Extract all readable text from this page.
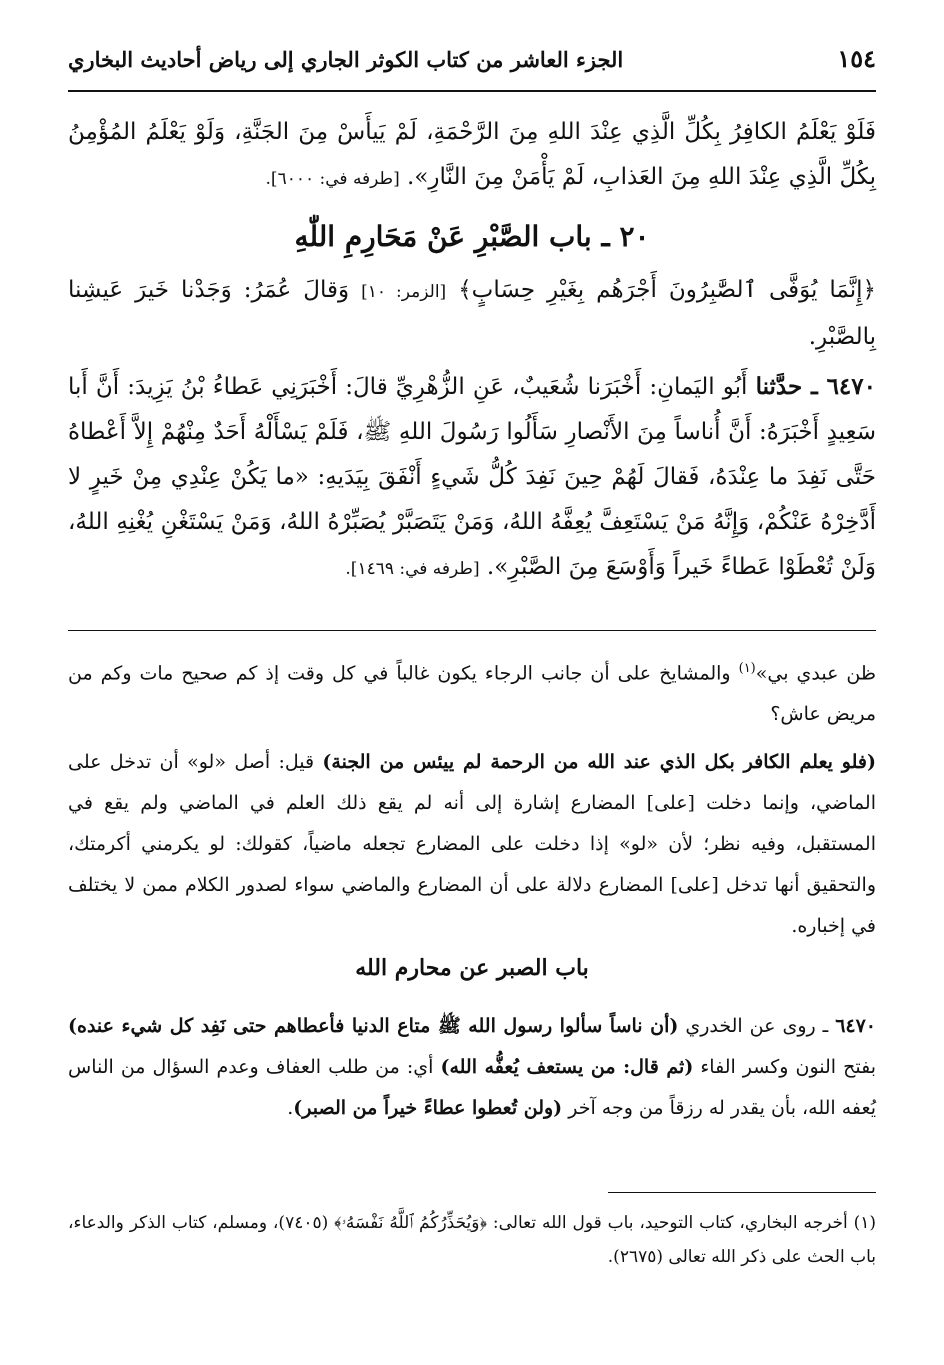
١٥٤
الجزء العاشر من كتاب الكوثر الجاري إلى رياض أحاديث البخاري
فَلَوْ يَعْلَمُ الكافِرُ بِكُلِّ الَّذِي عِنْدَ اللهِ مِنَ الرَّحْمَةِ، لَمْ يَيأَسْ مِنَ الجَنَّةِ، وَلَوْ يَعْلَمُ المُؤْمِنُ بِكُلِّ الَّذِي عِنْدَ اللهِ مِنَ العَذابِ، لَمْ يَأْمَنْ مِنَ النَّارِ». [طرفه في: ٦٠٠٠].
٢٠ ـ باب الصَّبْرِ عَنْ مَحَارِمِ اللّٰهِ
﴿إِنَّمَا يُوَفَّى ٱلصَّٰبِرُونَ أَجْرَهُم بِغَيْرِ حِسَابٍ﴾ [الزمر: ١٠] وَقالَ عُمَرُ: وَجَدْنا خَيرَ عَيشِنا بِالصَّبْرِ.
٦٤٧٠ ـ حدَّثنا أَبُو اليَمانِ: أَخْبَرَنا شُعَيبٌ، عَنِ الزُّهْرِيِّ قالَ: أَخْبَرَنِي عَطاءُ بْنُ يَزِيدَ: أَنَّ أَبا سَعِيدٍ أَخْبَرَهُ: أَنَّ أُناساً مِنَ الأَنْصارِ سَأَلُوا رَسُولَ اللهِ ﷺ، فَلَمْ يَسْأَلْهُ أَحَدٌ مِنْهُمْ إِلاَّ أَعْطاهُ حَتَّى نَفِدَ ما عِنْدَهُ، فَقالَ لَهُمْ حِينَ نَفِدَ كُلُّ شَيءٍ أَنْفَقَ بِيَدَيهِ: «ما يَكُنْ عِنْدِي مِنْ خَيرٍ لا أَدَّخِرْهُ عَنْكُمْ، وَإِنَّهُ مَنْ يَسْتَعِفَّ يُعِفَّهُ اللهُ، وَمَنْ يَتَصَبَّرْ يُصَبِّرْهُ اللهُ، وَمَنْ يَسْتَغْنِ يُغْنِهِ اللهُ، وَلَنْ تُعْطَوْا عَطاءً خَيراً وَأَوْسَعَ مِنَ الصَّبْرِ». [طرفه في: ١٤٦٩].
ظن عبدي بي»$^{(١)}$ والمشايخ على أن جانب الرجاء يكون غالباً في كل وقت إذ كم صحيح مات وكم من مريض عاش؟
(فلو يعلم الكافر بكل الذي عند الله من الرحمة لم ييئس من الجنة) قيل: أصل «لو» أن تدخل على الماضي، وإنما دخلت [على] المضارع إشارة إلى أنه لم يقع ذلك العلم في الماضي ولم يقع في المستقبل، وفيه نظر؛ لأن «لو» إذا دخلت على المضارع تجعله ماضياً، كقولك: لو يكرمني أكرمتك، والتحقيق أنها تدخل [على] المضارع دلالة على أن المضارع والماضي سواء لصدور الكلام ممن لا يختلف في إخباره.
باب الصبر عن محارم الله
٦٤٧٠ ـ روى عن الخدري (أن ناساً سألوا رسول الله ﷺ متاع الدنيا فأعطاهم حتى نَفِد كل شيء عنده) بفتح النون وكسر الفاء (ثم قال: من يستعف يُعفُّه الله) أي: من طلب العفاف وعدم السؤال من الناس يُعفه الله، بأن يقدر له رزقاً من وجه آخر (ولن تُعطوا عطاءً خيراً من الصبر).
(١) أخرجه البخاري، كتاب التوحيد، باب قول الله تعالى: ﴿وَيُحَذِّرُكُمُ ٱللَّهُ نَفْسَهُۥ﴾ (٧٤٠٥)، ومسلم، كتاب الذكر والدعاء، باب الحث على ذكر الله تعالى (٢٦٧٥).
